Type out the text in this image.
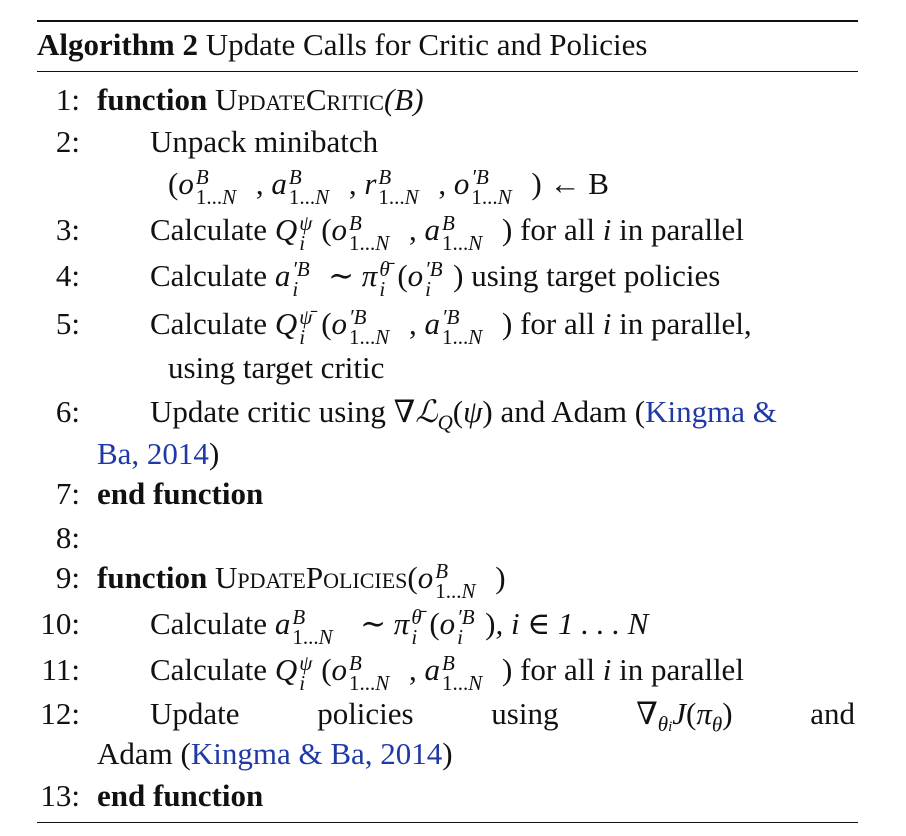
Algorithm 2 Update Calls for Critic and Policies
1: function UpdateCritic(B)
2: Unpack minibatch
(o B
1...N , a B
1...N , r B
1...N , o ′B
1...N ) ← B
3: Calculate Q ψ
i (o B
1...N , a B
1...N ) for all i in parallel
4: Calculate a ′B
i ∼ π θ̄
i (o ′B
i ) using target policies
5: Calculate Q ψ̄
i (o ′B
1...N , a ′B
1...N ) for all i in parallel,
using target critic
6: Update critic using ∇ℒ$_Q$(ψ) and Adam (Kingma &
Ba, 2014)
7: end function
8:
9: function UpdatePolicies(o B
1...N )
10: Calculate a B
1...N ∼ π θ̄
i (o ′B
i ), i ∈ 1 . . . N
11: Calculate Q ψ
i (o B
1...N , a B
1...N ) for all i in parallel
12: Update	policies	using	$\nabla_{\theta i}J(\pi_\theta)$	and
Adam (Kingma & Ba, 2014)
13: end function
